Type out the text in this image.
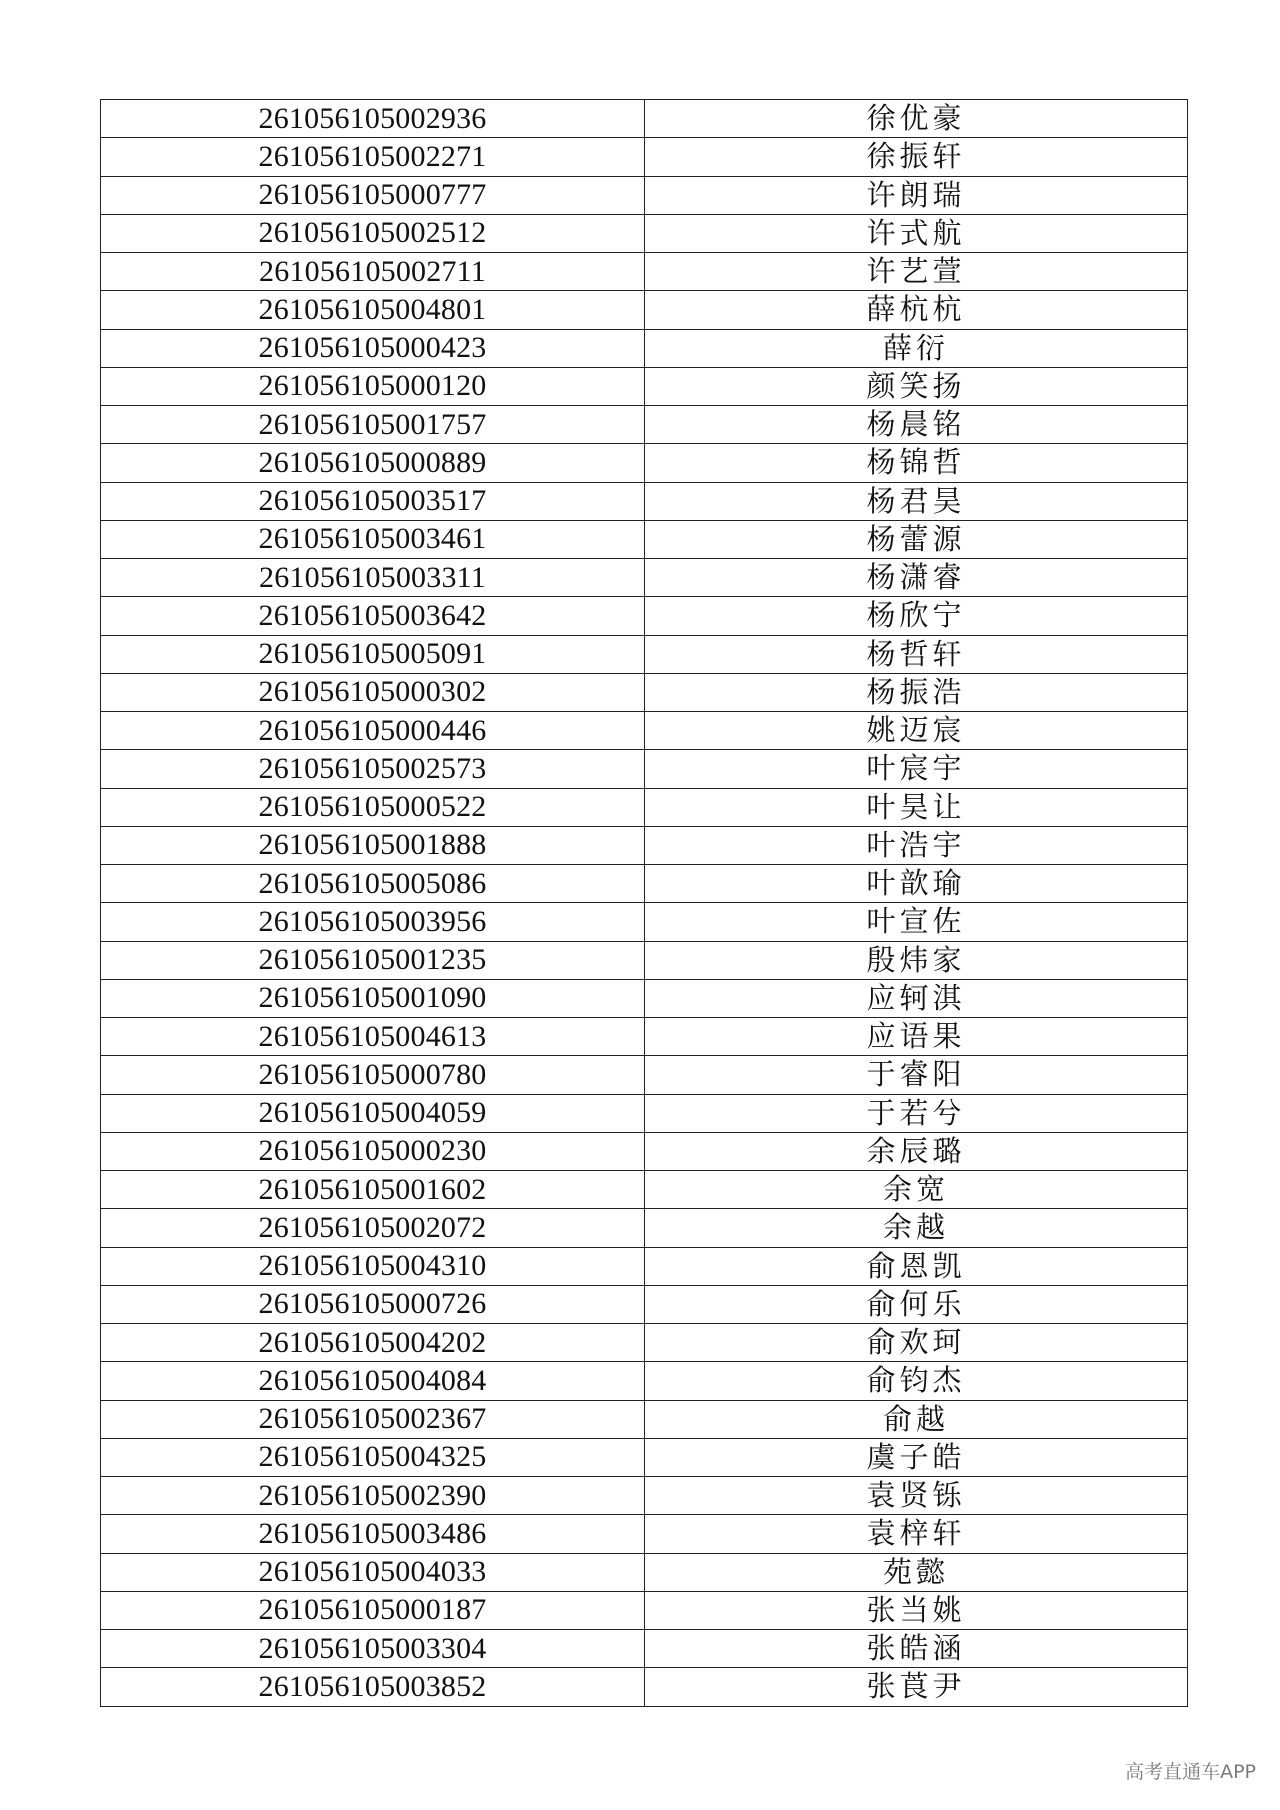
261056105002936	徐优豪
261056105002271	徐振轩
261056105000777	许朗瑞
261056105002512	许式航
261056105002711	许艺萱
261056105004801	薛杭杭
261056105000423	薛衍
261056105000120	颜笑扬
261056105001757	杨晨铭
261056105000889	杨锦哲
261056105003517	杨君昊
261056105003461	杨蕾源
261056105003311	杨潇睿
261056105003642	杨欣宁
261056105005091	杨哲轩
261056105000302	杨振浩
261056105000446	姚迈宸
261056105002573	叶宸宇
261056105000522	叶昊让
261056105001888	叶浩宇
261056105005086	叶歆瑜
261056105003956	叶宣佐
261056105001235	殷炜家
261056105001090	应轲淇
261056105004613	应语果
261056105000780	于睿阳
261056105004059	于若兮
261056105000230	余辰璐
261056105001602	余宽
261056105002072	余越
261056105004310	俞恩凯
261056105000726	俞何乐
261056105004202	俞欢珂
261056105004084	俞钧杰
261056105002367	俞越
261056105004325	虞子皓
261056105002390	袁贤铄
261056105003486	袁梓轩
261056105004033	苑懿
261056105000187	张当姚
261056105003304	张皓涵
261056105003852	张莨尹
高考直通车APP
